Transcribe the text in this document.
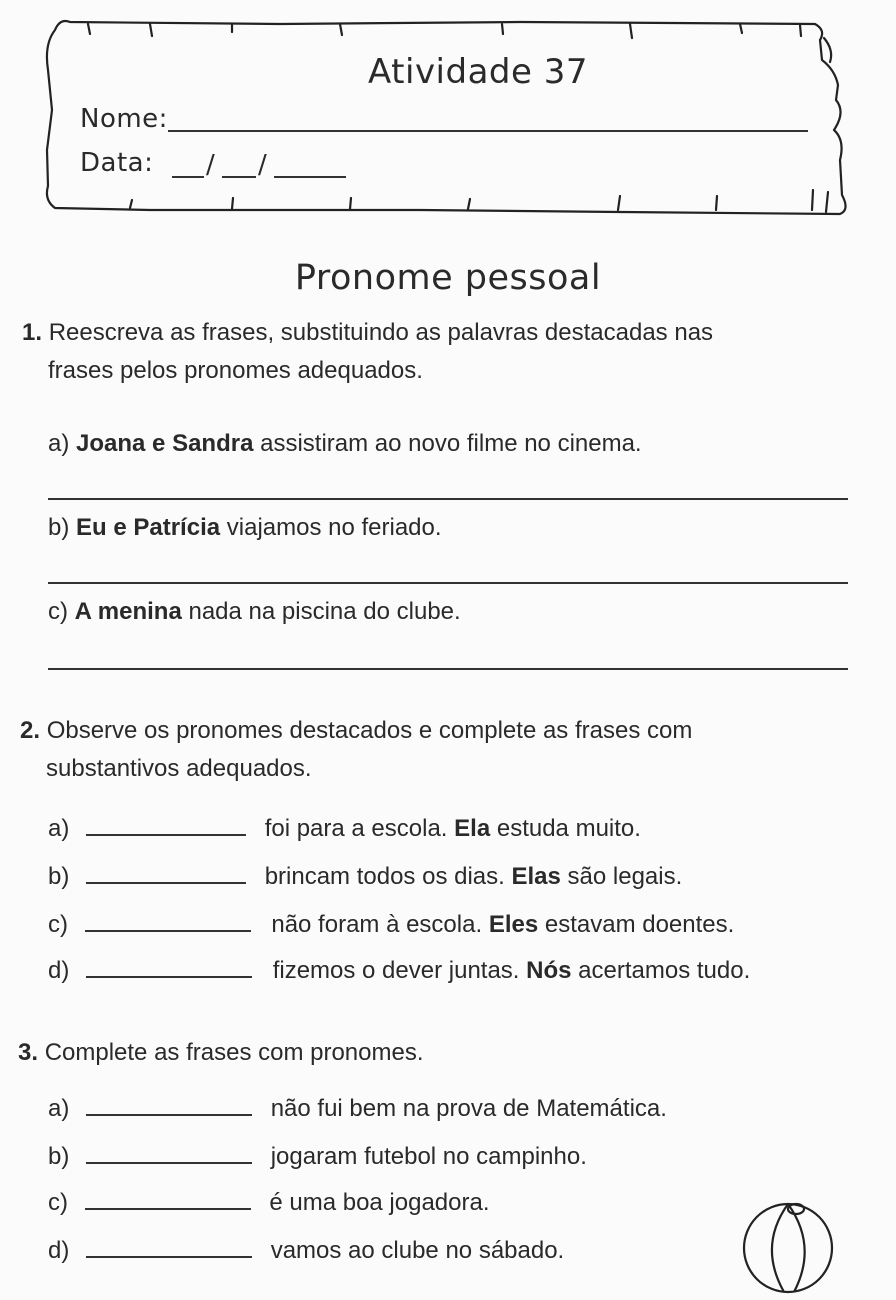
Atividade 37
Nome:
Data: / /
Pronome pessoal
1. Reescreva as frases, substituindo as palavras destacadas nas
frases pelos pronomes adequados.
a) Joana e Sandra assistiram ao novo filme no cinema.
b) Eu e Patrícia viajamos no feriado.
c) A menina nada na piscina do clube.
2. Observe os pronomes destacados e complete as frases com
substantivos adequados.
a)	foi para a escola. Ela estuda muito.
b)	brincam todos os dias. Elas são legais.
c)	não foram à escola. Eles estavam doentes.
d)	fizemos o dever juntas. Nós acertamos tudo.
3. Complete as frases com pronomes.
a)	não fui bem na prova de Matemática.
b)	jogaram futebol no campinho.
c)	é uma boa jogadora.
d)	vamos ao clube no sábado.
